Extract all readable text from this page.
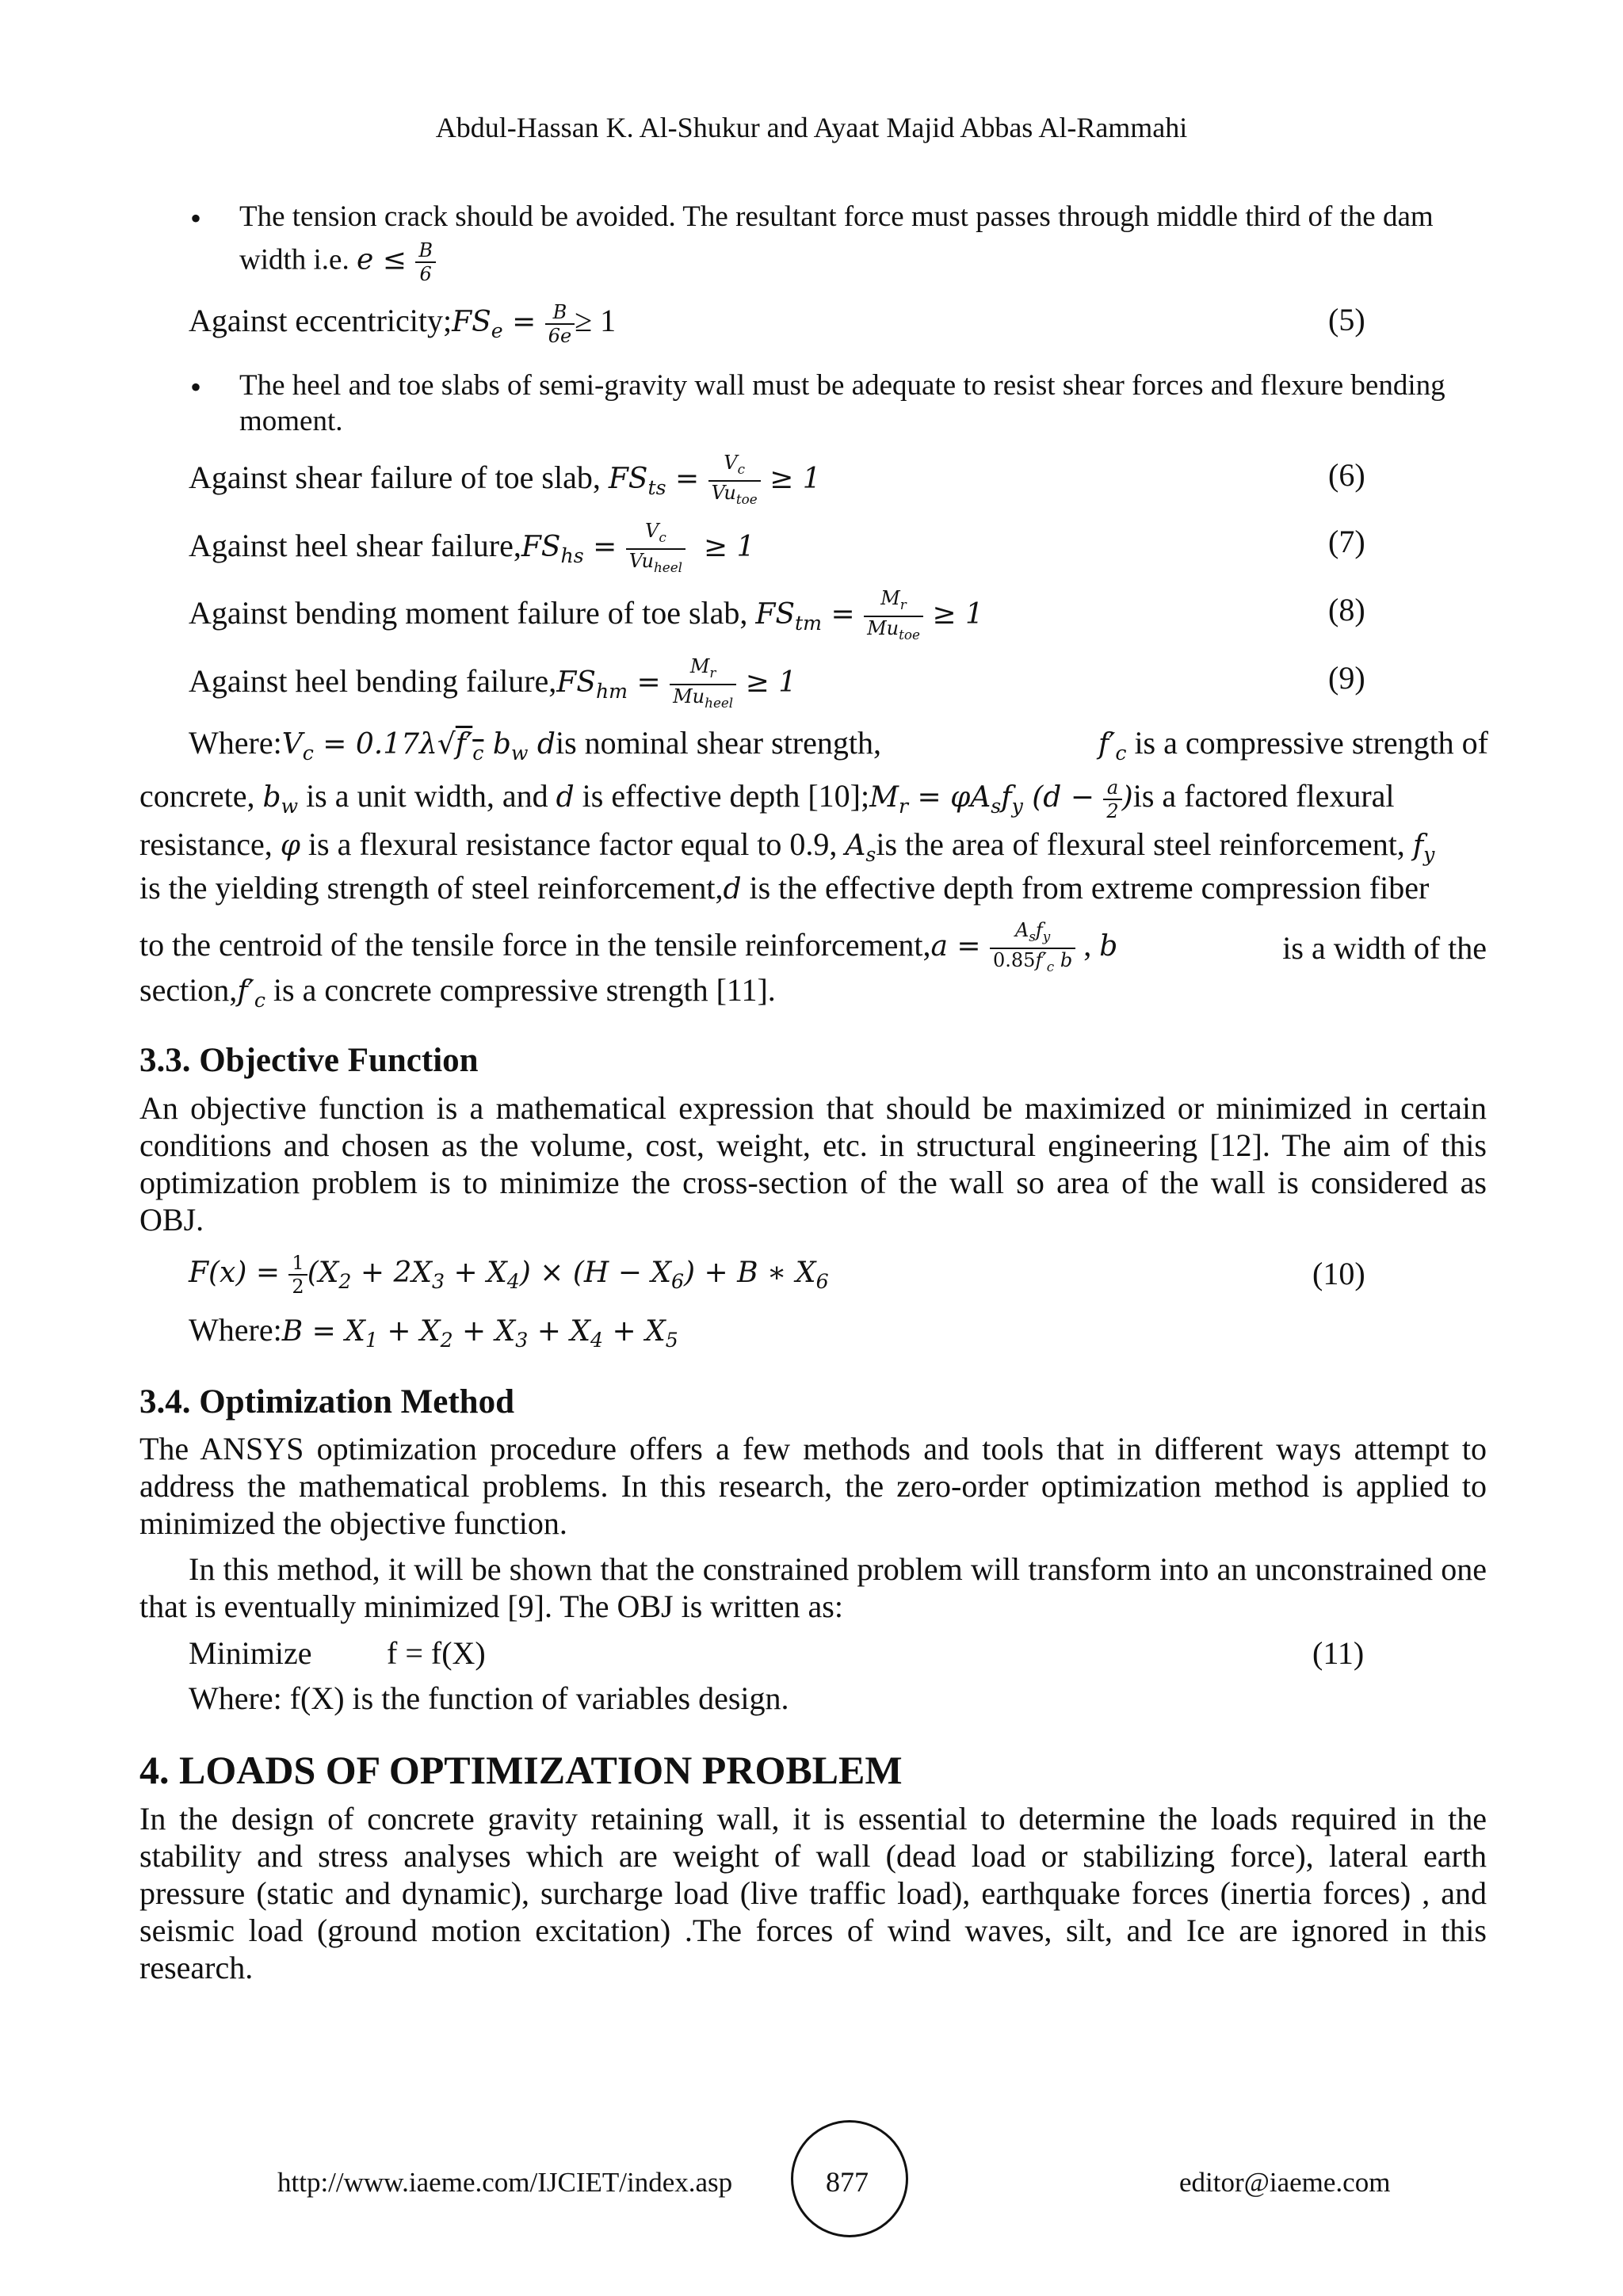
Abdul-Hassan K. Al-Shukur and Ayaat Majid Abbas Al-Rammahi
• The tension crack should be avoided. The resultant force must passes through middle third of the dam
width i.e. $e \le \frac{B}{6}$
Against $eccentricity;FS_e = \frac{B}{6e} \ge 1$	(5)
• The heel and toe slabs of semi-gravity wall must be adequate to resist shear forces and flexure bending
moment.
Against shear failure of toe slab, $FS_{ts} = \frac{V_c}{Vu_{toe}} \ge 1$	(6)
Against heel shear $failure,FS_{hs} = \frac{V_c}{Vu_{heel}} \ge 1$	(7)
Against bending moment failure of toe slab, $FS_{tm} = \frac{M_r}{Mu_{toe}} \ge 1$	(8)
Against heel bending $failure,FS_{hm} = \frac{M_r}{Mu_{heel}} \ge 1$	(9)
$Where:V_c = 0.17\lambda√f'_c$ $b_w$ dis nominal shear strength,	$f'_c$ is a compressive strength of
concrete, $b_w$ is a unit width, and d is effective depth $[10];M_r = \varphi A_sf_y$ $(d - \frac{a}{2} )is$ a factored flexural
resistance, φ is a flexural resistance factor equal to 0.9, $A_sis$ the area of flexural steel reinforcement, $f_y$
is the yielding strength of steel reinforcement,d is the effective depth from extreme compression fiber
to the centroid of the tensile force in the tensile reinforcement,a = $\frac{A_sf_y}{0.85f'_c b}$ , b	is a width of the
$section,f'_c$ is a concrete compressive strength [11].
3.3. Objective Function
An objective function is a mathematical expression that should be maximized or minimized in certain conditions and chosen as the volume, cost, weight, etc. in structural engineering [12]. The aim of this optimization problem is to minimize the cross-section of the wall so area of the wall is considered as OBJ.
$F(x) = \frac{1}{2} (X_2 + 2X_3 + X_4) \times (H - X_6) + B$ ∗ $X_6$	(10)
Where:B = $X_1 + X_2 + X_3 + X_4 + X_5$
3.4. Optimization Method
The ANSYS optimization procedure offers a few methods and tools that in different ways attempt to address the mathematical problems. In this research, the zero-order optimization method is applied to minimized the objective function.
In this method, it will be shown that the constrained problem will transform into an unconstrained one that is eventually minimized [9]. The OBJ is written as:
Minimize f = f(X)	(11)
Where: f(X) is the function of variables design.
4. LOADS OF OPTIMIZATION PROBLEM
In the design of concrete gravity retaining wall, it is essential to determine the loads required in the stability and stress analyses which are weight of wall (dead load or stabilizing force), lateral earth pressure (static and dynamic), surcharge load (live traffic load), earthquake forces (inertia forces) , and seismic load (ground motion excitation) .The forces of wind waves, silt, and Ice are ignored in this research.
http://www.iaeme.com/IJCIET/index.asp	877	editor@iaeme.com
